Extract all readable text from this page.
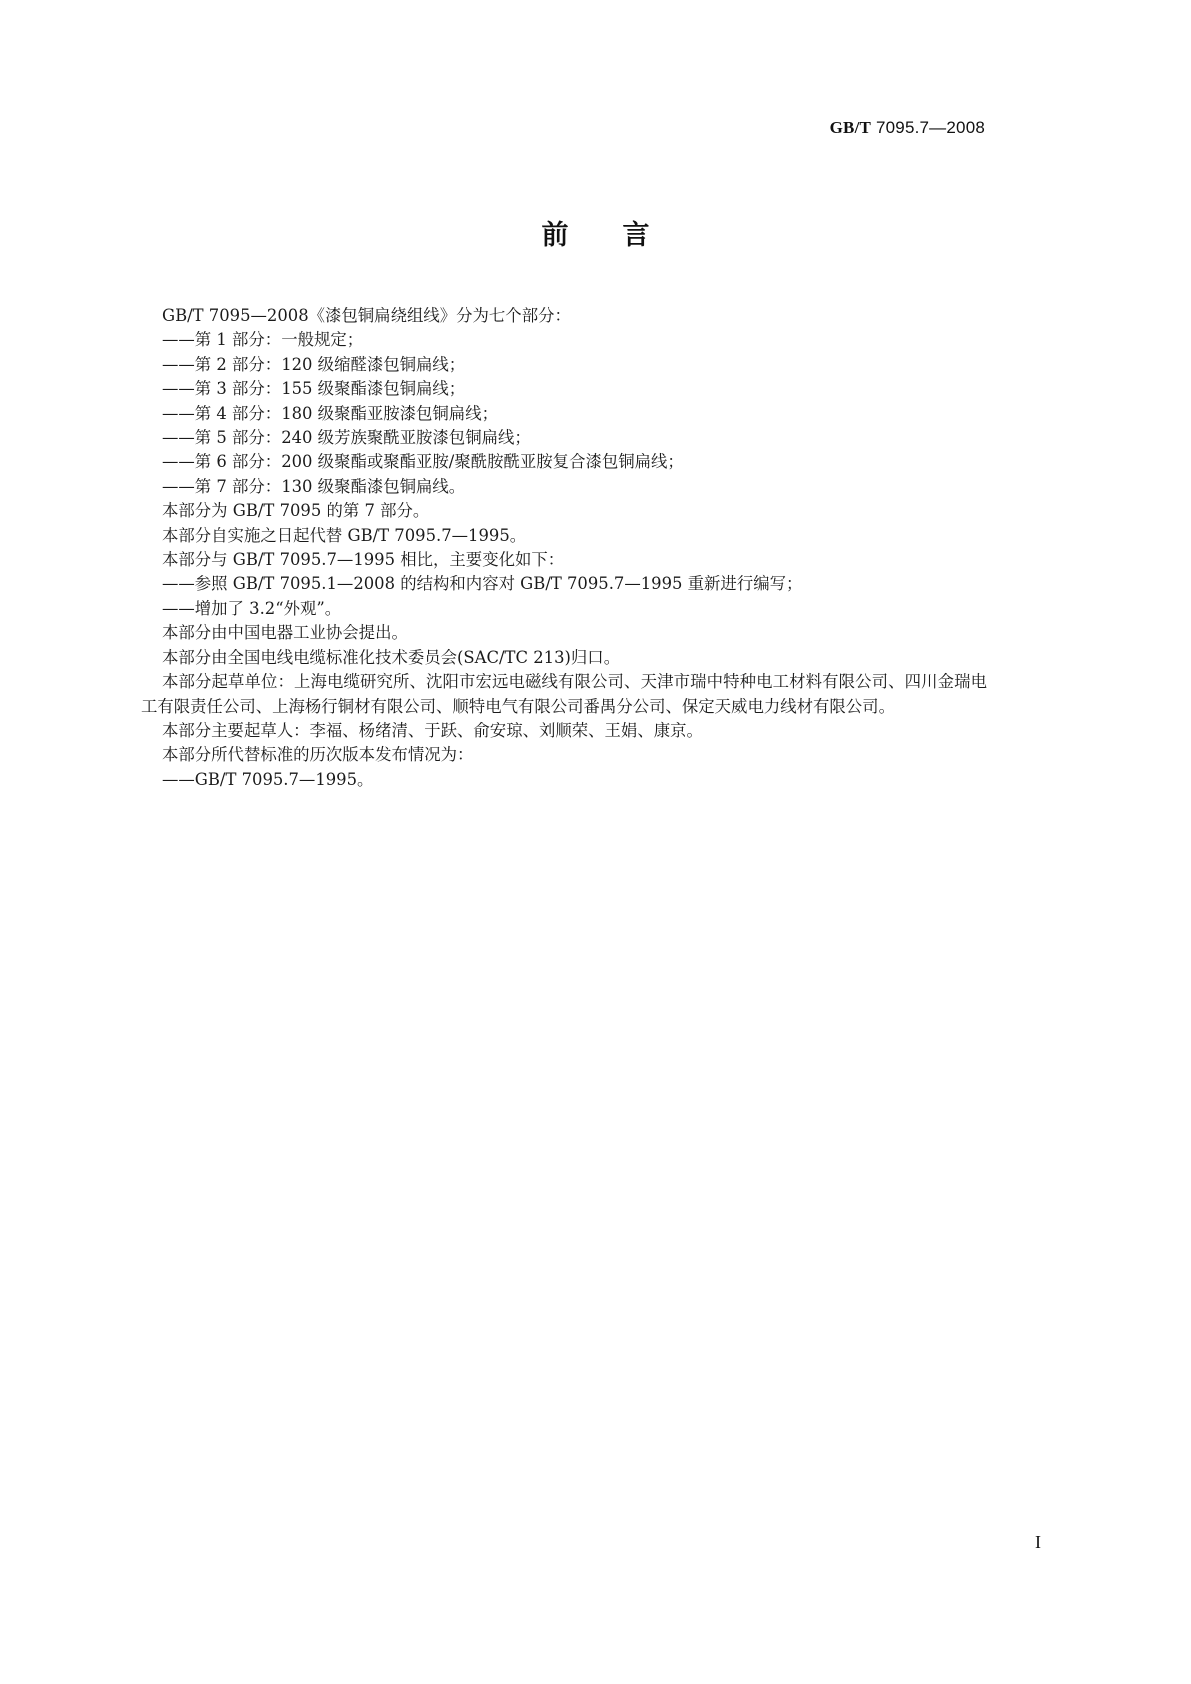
GB/T 7095.7—2008
前　　言

GB/T 7095—2008《漆包铜扁绕组线》分为七个部分：

——第 1 部分：一般规定；

——第 2 部分：120 级缩醛漆包铜扁线；

——第 3 部分：155 级聚酯漆包铜扁线；

——第 4 部分：180 级聚酯亚胺漆包铜扁线；

——第 5 部分：240 级芳族聚酰亚胺漆包铜扁线；

——第 6 部分：200 级聚酯或聚酯亚胺/聚酰胺酰亚胺复合漆包铜扁线；

——第 7 部分：130 级聚酯漆包铜扁线。

本部分为 GB/T 7095 的第 7 部分。

本部分自实施之日起代替 GB/T 7095.7—1995。

本部分与 GB/T 7095.7—1995 相比，主要变化如下：

——参照 GB/T 7095.1—2008 的结构和内容对 GB/T 7095.7—1995 重新进行编写；

——增加了 3.2“外观”。

本部分由中国电器工业协会提出。

本部分由全国电线电缆标准化技术委员会(SAC/TC 213)归口。

本部分起草单位：上海电缆研究所、沈阳市宏远电磁线有限公司、天津市瑞中特种电工材料有限公司、四川金瑞电工有限责任公司、上海杨行铜材有限公司、顺特电气有限公司番禺分公司、保定天威电力线材有限公司。

本部分主要起草人：李福、杨绪清、于跃、俞安琼、刘顺荣、王娟、康京。

本部分所代替标准的历次版本发布情况为：

——GB/T 7095.7—1995。

I
